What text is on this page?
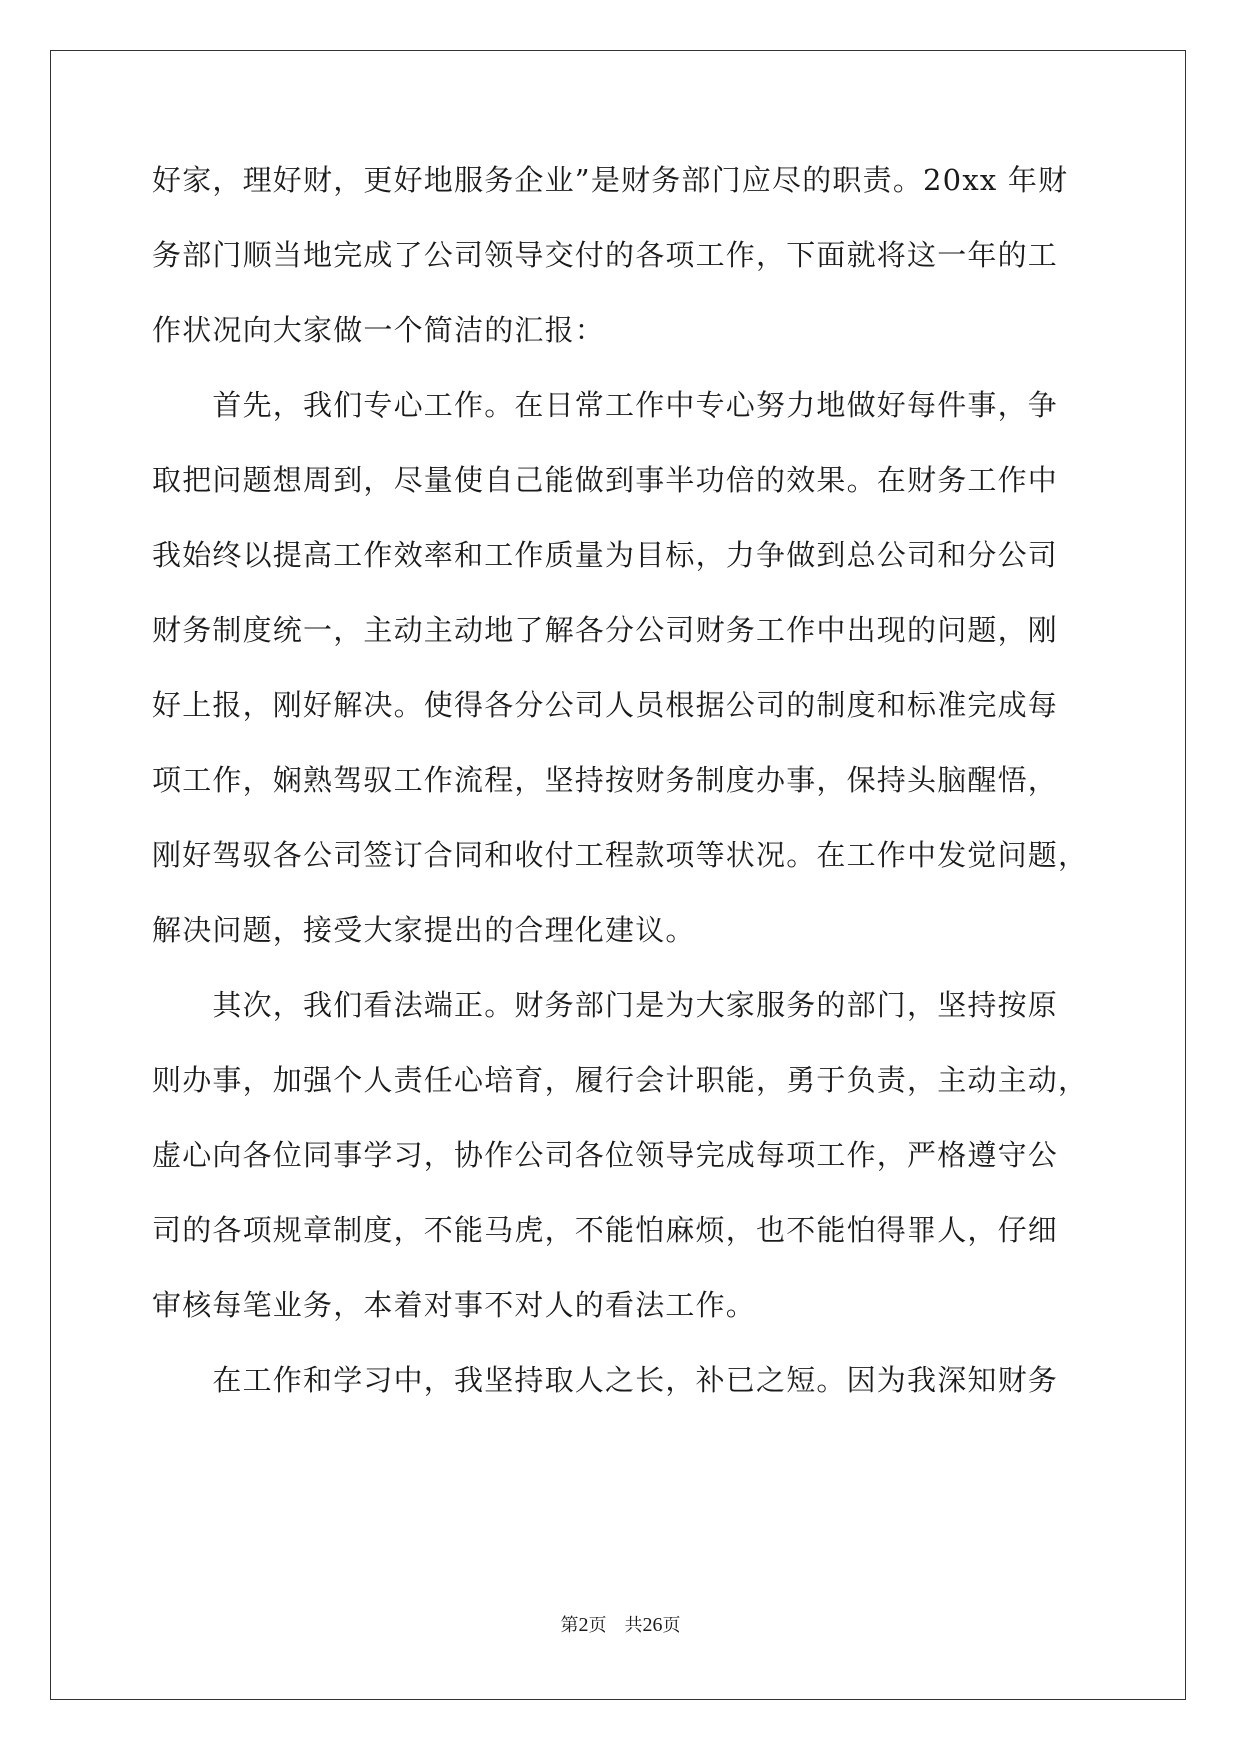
好家，理好财，更好地服务企业”是财务部门应尽的职责。20xx 年财
务部门顺当地完成了公司领导交付的各项工作，下面就将这一年的工
作状况向大家做一个简洁的汇报：
　　首先，我们专心工作。在日常工作中专心努力地做好每件事，争
取把问题想周到，尽量使自己能做到事半功倍的效果。在财务工作中
我始终以提高工作效率和工作质量为目标，力争做到总公司和分公司
财务制度统一，主动主动地了解各分公司财务工作中出现的问题，刚
好上报，刚好解决。使得各分公司人员根据公司的制度和标准完成每
项工作，娴熟驾驭工作流程，坚持按财务制度办事，保持头脑醒悟，
刚好驾驭各公司签订合同和收付工程款项等状况。在工作中发觉问题，
解决问题，接受大家提出的合理化建议。
　　其次，我们看法端正。财务部门是为大家服务的部门，坚持按原
则办事，加强个人责任心培育，履行会计职能，勇于负责，主动主动，
虚心向各位同事学习，协作公司各位领导完成每项工作，严格遵守公
司的各项规章制度，不能马虎，不能怕麻烦，也不能怕得罪人，仔细
审核每笔业务，本着对事不对人的看法工作。
　　在工作和学习中，我坚持取人之长，补已之短。因为我深知财务
第2页 共26页
